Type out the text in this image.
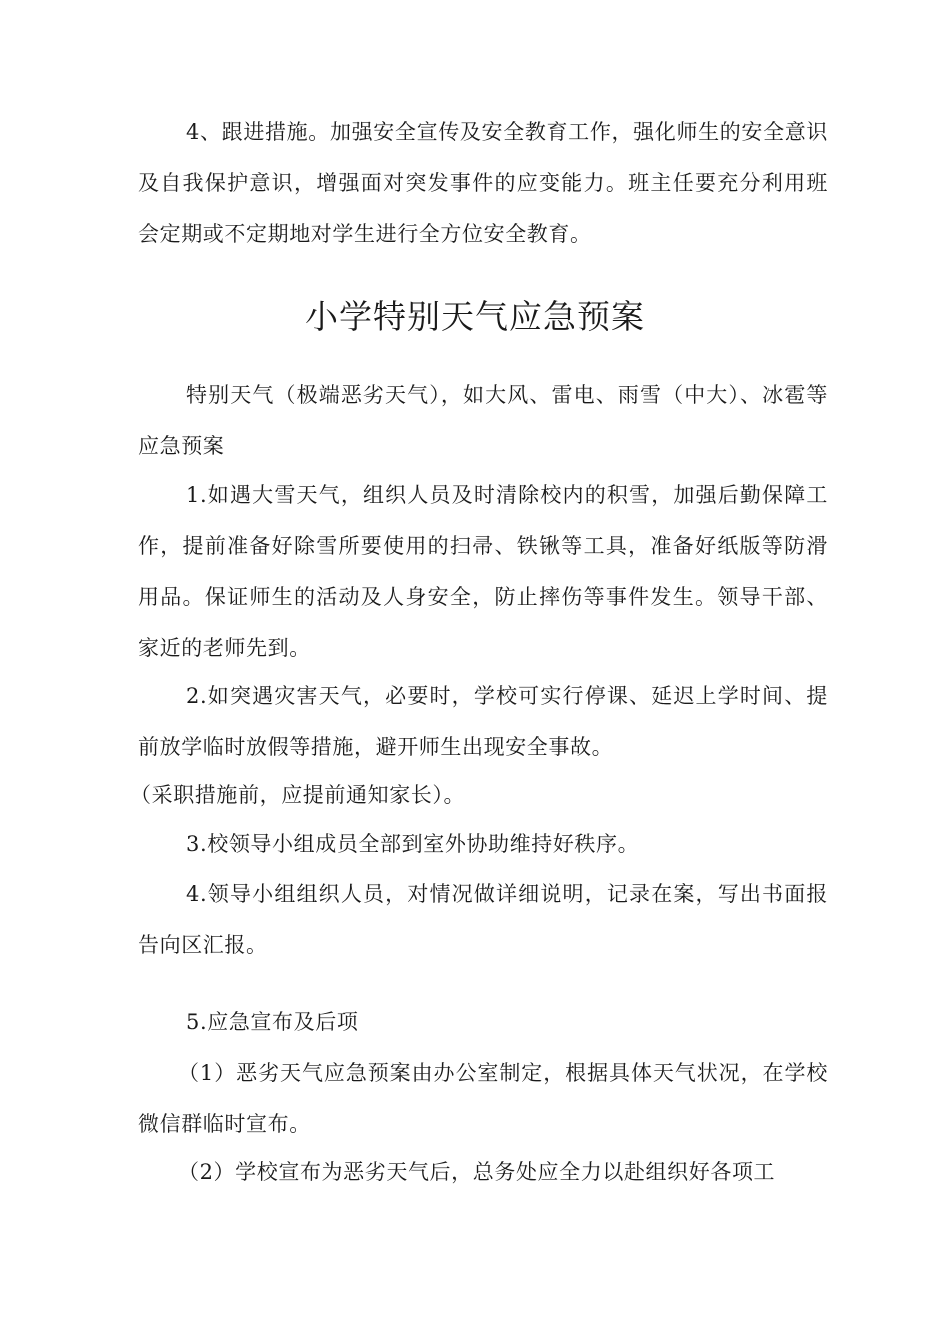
4、跟进措施。加强安全宣传及安全教育工作，强化师生的安全意识及自我保护意识，增强面对突发事件的应变能力。班主任要充分利用班会定期或不定期地对学生进行全方位安全教育。

小学特别天气应急预案

特别天气（极端恶劣天气），如大风、雷电、雨雪（中大）、冰雹等应急预案

1.如遇大雪天气，组织人员及时清除校内的积雪，加强后勤保障工作，提前准备好除雪所要使用的扫帚、铁锹等工具，准备好纸版等防滑用品。保证师生的活动及人身安全，防止摔伤等事件发生。领导干部、家近的老师先到。

2.如突遇灾害天气，必要时，学校可实行停课、延迟上学时间、提前放学临时放假等措施，避开师生出现安全事故。

（采职措施前，应提前通知家长）。

3.校领导小组成员全部到室外协助维持好秩序。

4.领导小组组织人员，对情况做详细说明，记录在案，写出书面报告向区汇报。

5.应急宣布及后项

（1）恶劣天气应急预案由办公室制定，根据具体天气状况，在学校微信群临时宣布。

（2）学校宣布为恶劣天气后，总务处应全力以赴组织好各项工
